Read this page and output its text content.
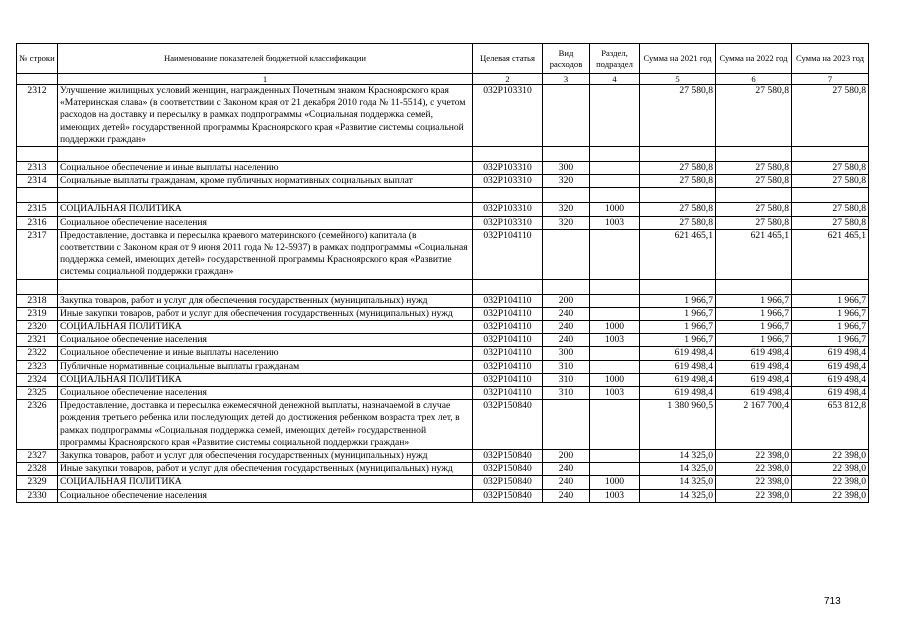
№ строки	Наименование показателей бюджетной классификации	Целевая статья	Вид расходов	Раздел, подраздел	Сумма на 2021 год	Сумма на 2022 год	Сумма на 2023 год
	1	2	3	4	5	6	7
2312	Улучшение жилищных условий женщин, награжденных Почетным знаком Красноярского края «Материнская слава» (в соответствии с Законом края от 21 декабря 2010 года № 11-5514), с учетом расходов на доставку и пересылку в рамках подпрограммы «Социальная поддержка семей, имеющих детей» государственной программы Красноярского края «Развитие системы социальной поддержки граждан»	032P103310			27 580,8	27 580,8	27 580,8

2313	Социальное обеспечение и иные выплаты населению	032P103310	300		27 580,8	27 580,8	27 580,8
2314	Социальные выплаты гражданам, кроме публичных нормативных социальных выплат	032P103310	320		27 580,8	27 580,8	27 580,8

2315	СОЦИАЛЬНАЯ ПОЛИТИКА	032P103310	320	1000	27 580,8	27 580,8	27 580,8
2316	Социальное обеспечение населения	032P103310	320	1003	27 580,8	27 580,8	27 580,8
2317	Предоставление, доставка и пересылка краевого материнского (семейного) капитала (в соответствии с Законом края от 9 июня 2011 года № 12-5937) в рамках подпрограммы «Социальная поддержка семей, имеющих детей» государственной программы Красноярского края «Развитие системы социальной поддержки граждан»	032P104110			621 465,1	621 465,1	621 465,1

2318	Закупка товаров, работ и услуг для обеспечения государственных (муниципальных) нужд	032P104110	200		1 966,7	1 966,7	1 966,7
2319	Иные закупки товаров, работ и услуг для обеспечения государственных (муниципальных) нужд	032P104110	240		1 966,7	1 966,7	1 966,7
2320	СОЦИАЛЬНАЯ ПОЛИТИКА	032P104110	240	1000	1 966,7	1 966,7	1 966,7
2321	Социальное обеспечение населения	032P104110	240	1003	1 966,7	1 966,7	1 966,7
2322	Социальное обеспечение и иные выплаты населению	032P104110	300		619 498,4	619 498,4	619 498,4
2323	Публичные нормативные социальные выплаты гражданам	032P104110	310		619 498,4	619 498,4	619 498,4
2324	СОЦИАЛЬНАЯ ПОЛИТИКА	032P104110	310	1000	619 498,4	619 498,4	619 498,4
2325	Социальное обеспечение населения	032P104110	310	1003	619 498,4	619 498,4	619 498,4
2326	Предоставление, доставка и пересылка ежемесячной денежной выплаты, назначаемой в случае рождения третьего ребенка или последующих детей до достижения ребенком возраста трех лет, в рамках подпрограммы «Социальная поддержка семей, имеющих детей» государственной программы Красноярского края «Развитие системы социальной поддержки граждан»	032P150840			1 380 960,5	2 167 700,4	653 812,8
2327	Закупка товаров, работ и услуг для обеспечения государственных (муниципальных) нужд	032P150840	200		14 325,0	22 398,0	22 398,0
2328	Иные закупки товаров, работ и услуг для обеспечения государственных (муниципальных) нужд	032P150840	240		14 325,0	22 398,0	22 398,0
2329	СОЦИАЛЬНАЯ ПОЛИТИКА	032P150840	240	1000	14 325,0	22 398,0	22 398,0
2330	Социальное обеспечение населения	032P150840	240	1003	14 325,0	22 398,0	22 398,0
713
